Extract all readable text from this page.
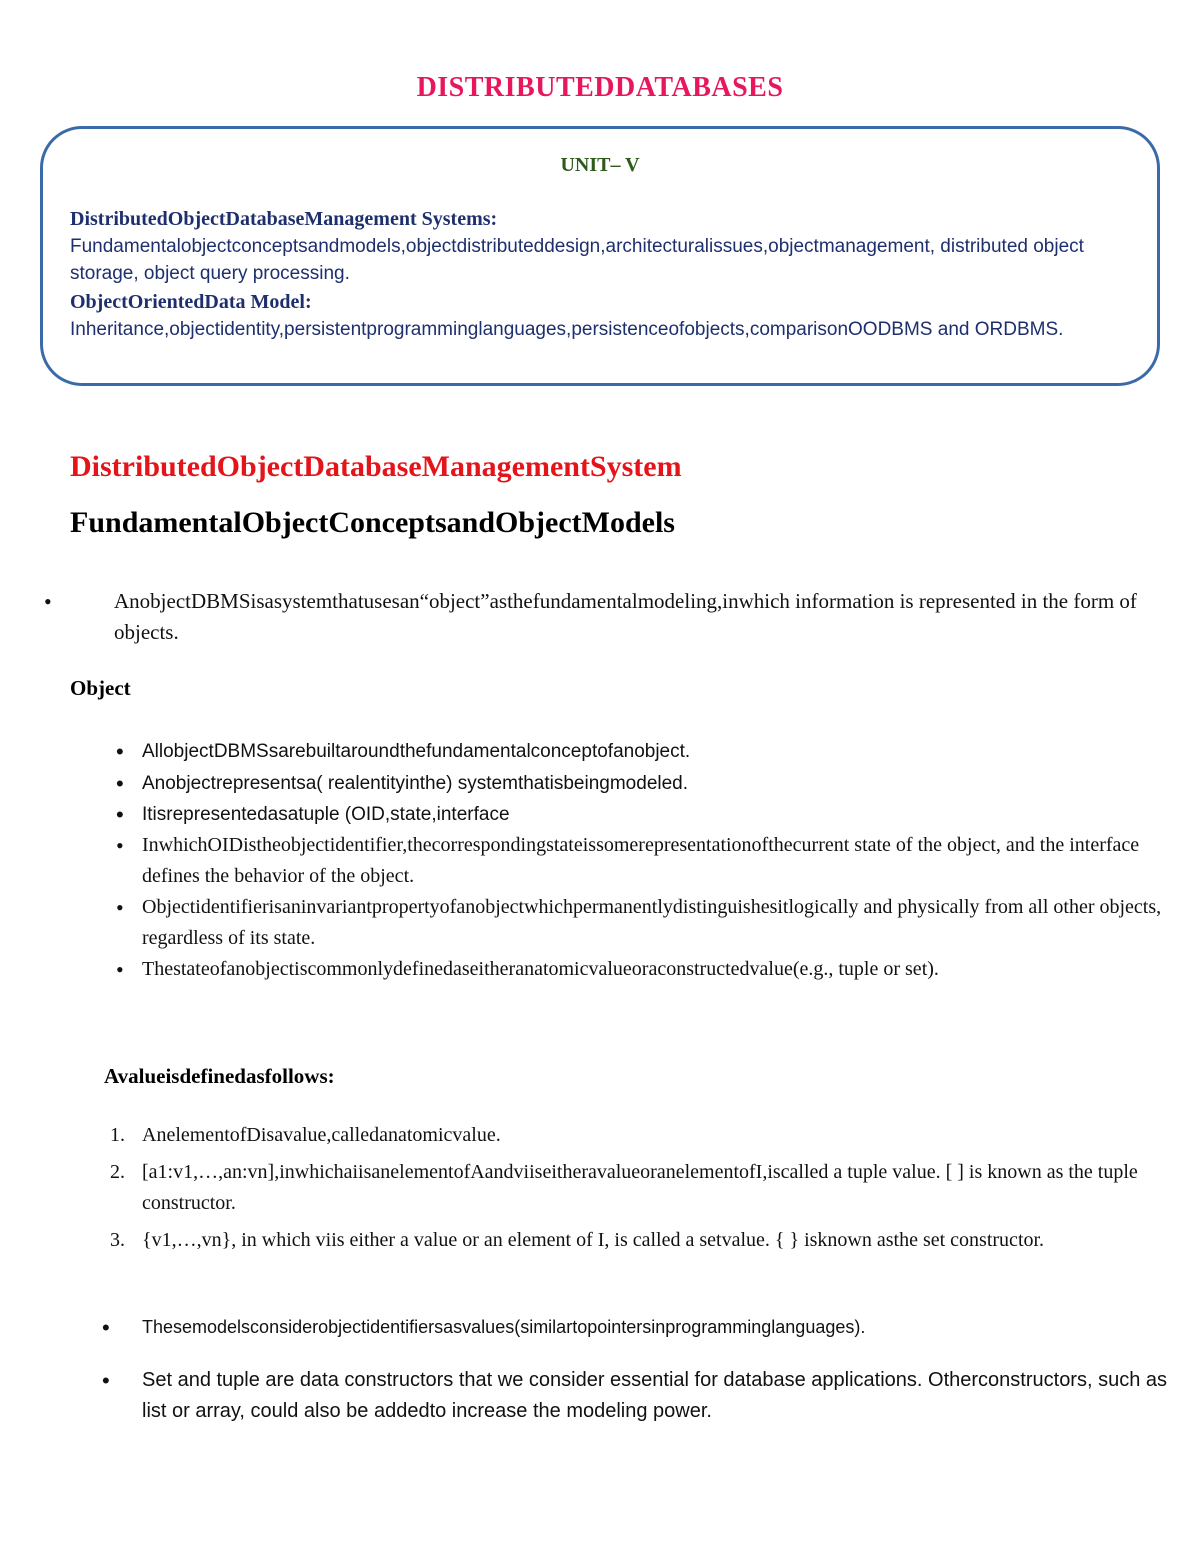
DISTRIBUTEDDATABASES
UNIT– V
DistributedObjectDatabaseManagement Systems:
Fundamentalobjectconceptsandmodels,objectdistributeddesign,architecturalissues,objectmanagement, distributed object storage, object query processing.
ObjectOrientedData Model:
Inheritance,objectidentity,persistentprogramminglanguages,persistenceofobjects,comparisonOODBMS and ORDBMS.
DistributedObjectDatabaseManagementSystem
FundamentalObjectConceptsandObjectModels
•	AnobjectDBMSisasystemthatusesan“object”asthefundamentalmodeling,inwhich information is represented in the form of objects.
Object
• AllobjectDBMSsarebuiltaroundthefundamentalconceptofanobject.
• Anobjectrepresentsa( realentityinthe) systemthatisbeingmodeled.
• Itisrepresentedasatuple (OID,state,interface
• InwhichOIDistheobjectidentifier,thecorrespondingstateissomerepresentationofthecurrent state of the object, and the interface defines the behavior of the object.
• Objectidentifierisaninvariantpropertyofanobjectwhichpermanentlydistinguishesitlogically and physically from all other objects, regardless of its state.
• Thestateofanobjectiscommonlydefinedaseitheranatomicvalueoraconstructedvalue(e.g., tuple or set).
Avalueisdefinedasfollows:
1. AnelementofDisavalue,calledanatomicvalue.
2. [a1:v1,…,an:vn],inwhichaiisanelementofAandviiseitheravalueoranelementofI,iscalled a tuple value. [ ] is known as the tuple constructor.
3. {v1,…,vn}, in which viis either a value or an element of I, is called a setvalue. { } isknown asthe set constructor.
• Thesemodelsconsiderobjectidentifiersasvalues(similartopointersinprogramminglanguages).
• Set and tuple are data constructors that we consider essential for database applications. Otherconstructors, such as list or array, could also be addedto increase the modeling power.
